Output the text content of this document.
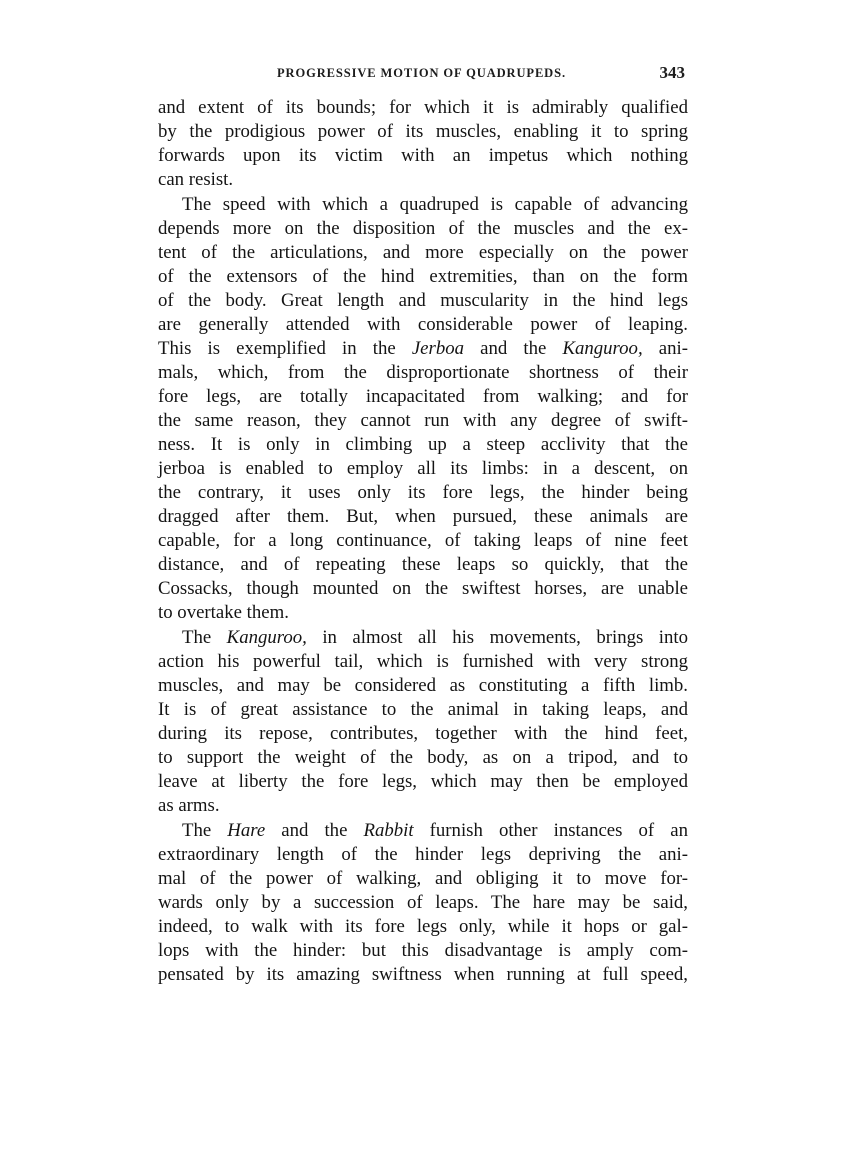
PROGRESSIVE MOTION OF QUADRUPEDS.	343
and extent of its bounds; for which it is admirably qualified
by the prodigious power of its muscles, enabling it to spring
forwards upon its victim with an impetus which nothing
can resist.
The speed with which a quadruped is capable of advancing
depends more on the disposition of the muscles and the ex-
tent of the articulations, and more especially on the power
of the extensors of the hind extremities, than on the form
of the body. Great length and muscularity in the hind legs
are generally attended with considerable power of leaping.
This is exemplified in the Jerboa and the Kanguroo, ani-
mals, which, from the disproportionate shortness of their
fore legs, are totally incapacitated from walking; and for
the same reason, they cannot run with any degree of swift-
ness. It is only in climbing up a steep acclivity that the
jerboa is enabled to employ all its limbs: in a descent, on
the contrary, it uses only its fore legs, the hinder being
dragged after them. But, when pursued, these animals are
capable, for a long continuance, of taking leaps of nine feet
distance, and of repeating these leaps so quickly, that the
Cossacks, though mounted on the swiftest horses, are unable
to overtake them.
The Kanguroo, in almost all his movements, brings into
action his powerful tail, which is furnished with very strong
muscles, and may be considered as constituting a fifth limb.
It is of great assistance to the animal in taking leaps, and
during its repose, contributes, together with the hind feet,
to support the weight of the body, as on a tripod, and to
leave at liberty the fore legs, which may then be employed
as arms.
The Hare and the Rabbit furnish other instances of an
extraordinary length of the hinder legs depriving the ani-
mal of the power of walking, and obliging it to move for-
wards only by a succession of leaps. The hare may be said,
indeed, to walk with its fore legs only, while it hops or gal-
lops with the hinder: but this disadvantage is amply com-
pensated by its amazing swiftness when running at full speed,
